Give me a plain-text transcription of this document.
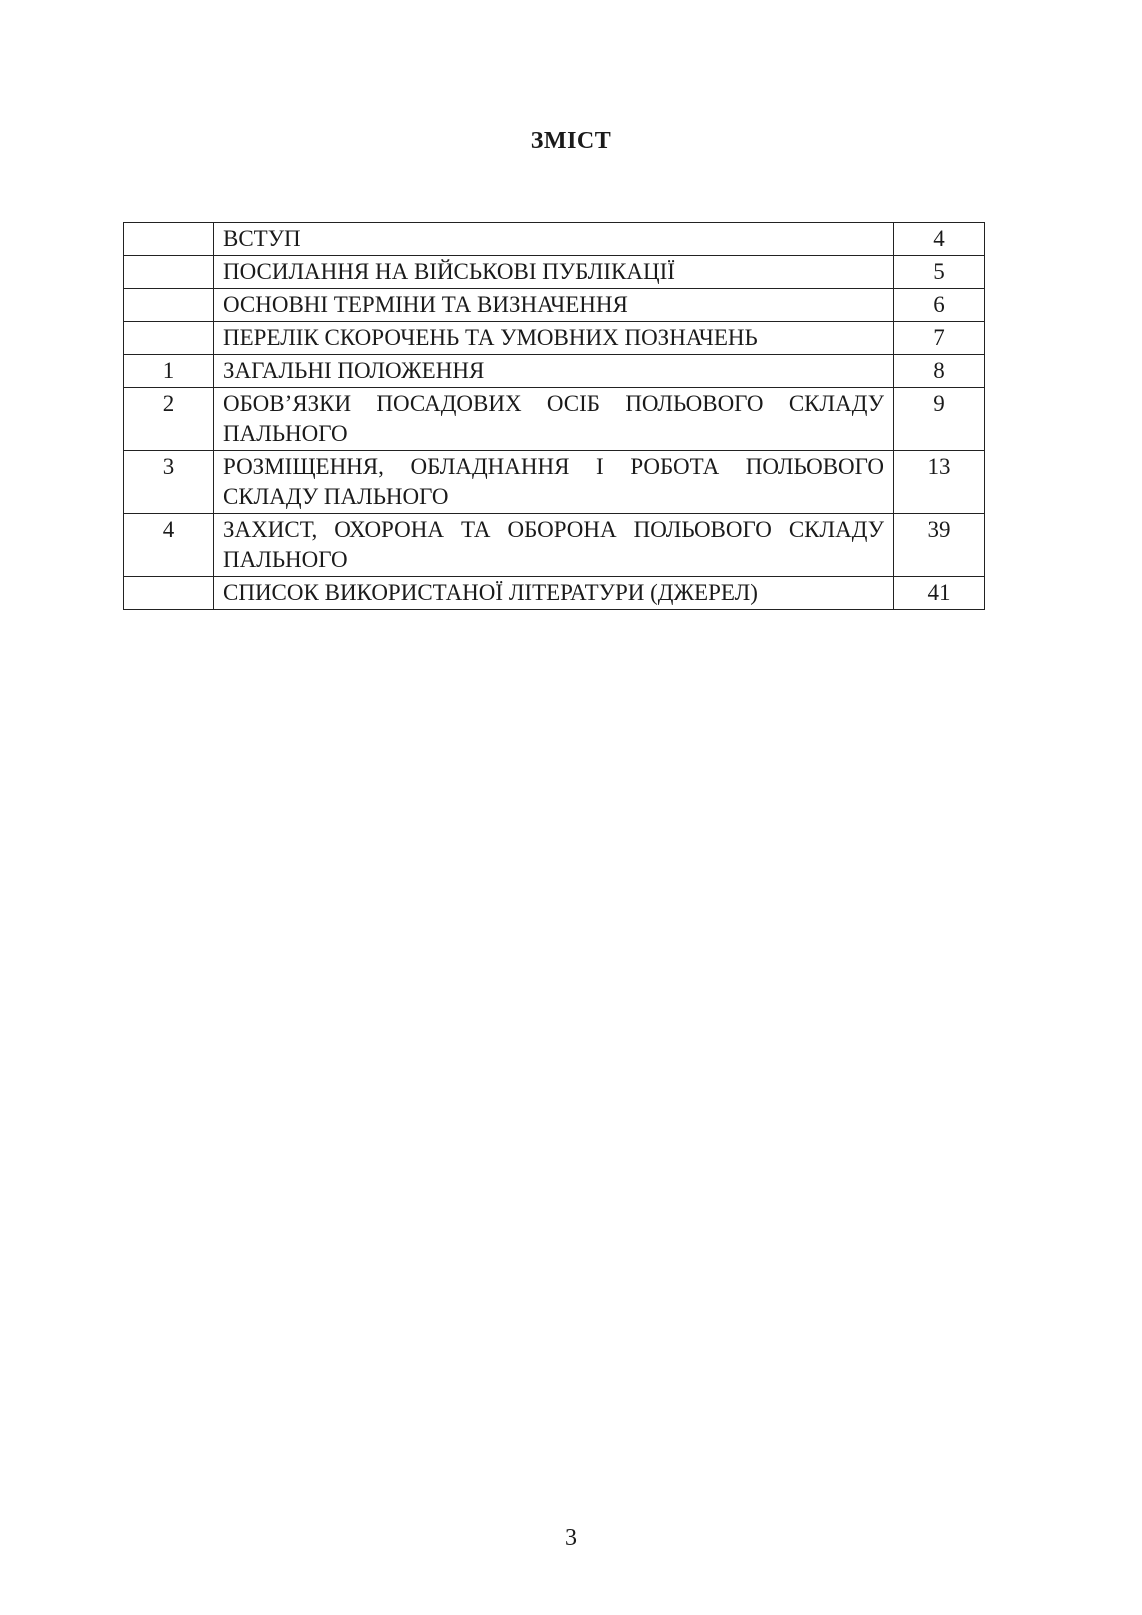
ЗМІСТ
	ВСТУП	4
	ПОСИЛАННЯ НА ВІЙСЬКОВІ ПУБЛІКАЦІЇ	5
	ОСНОВНІ ТЕРМІНИ ТА ВИЗНАЧЕННЯ	6
	ПЕРЕЛІК СКОРОЧЕНЬ ТА УМОВНИХ ПОЗНАЧЕНЬ	7
1	ЗАГАЛЬНІ ПОЛОЖЕННЯ	8
2	ОБОВ’ЯЗКИ ПОСАДОВИХ ОСІБ ПОЛЬОВОГО СКЛАДУ ПАЛЬНОГО	9
3	РОЗМІЩЕННЯ, ОБЛАДНАННЯ І РОБОТА ПОЛЬОВОГО СКЛАДУ ПАЛЬНОГО	13
4	ЗАХИСТ, ОХОРОНА ТА ОБОРОНА ПОЛЬОВОГО СКЛАДУ ПАЛЬНОГО	39
	СПИСОК ВИКОРИСТАНОЇ ЛІТЕРАТУРИ (ДЖЕРЕЛ)	41
3
